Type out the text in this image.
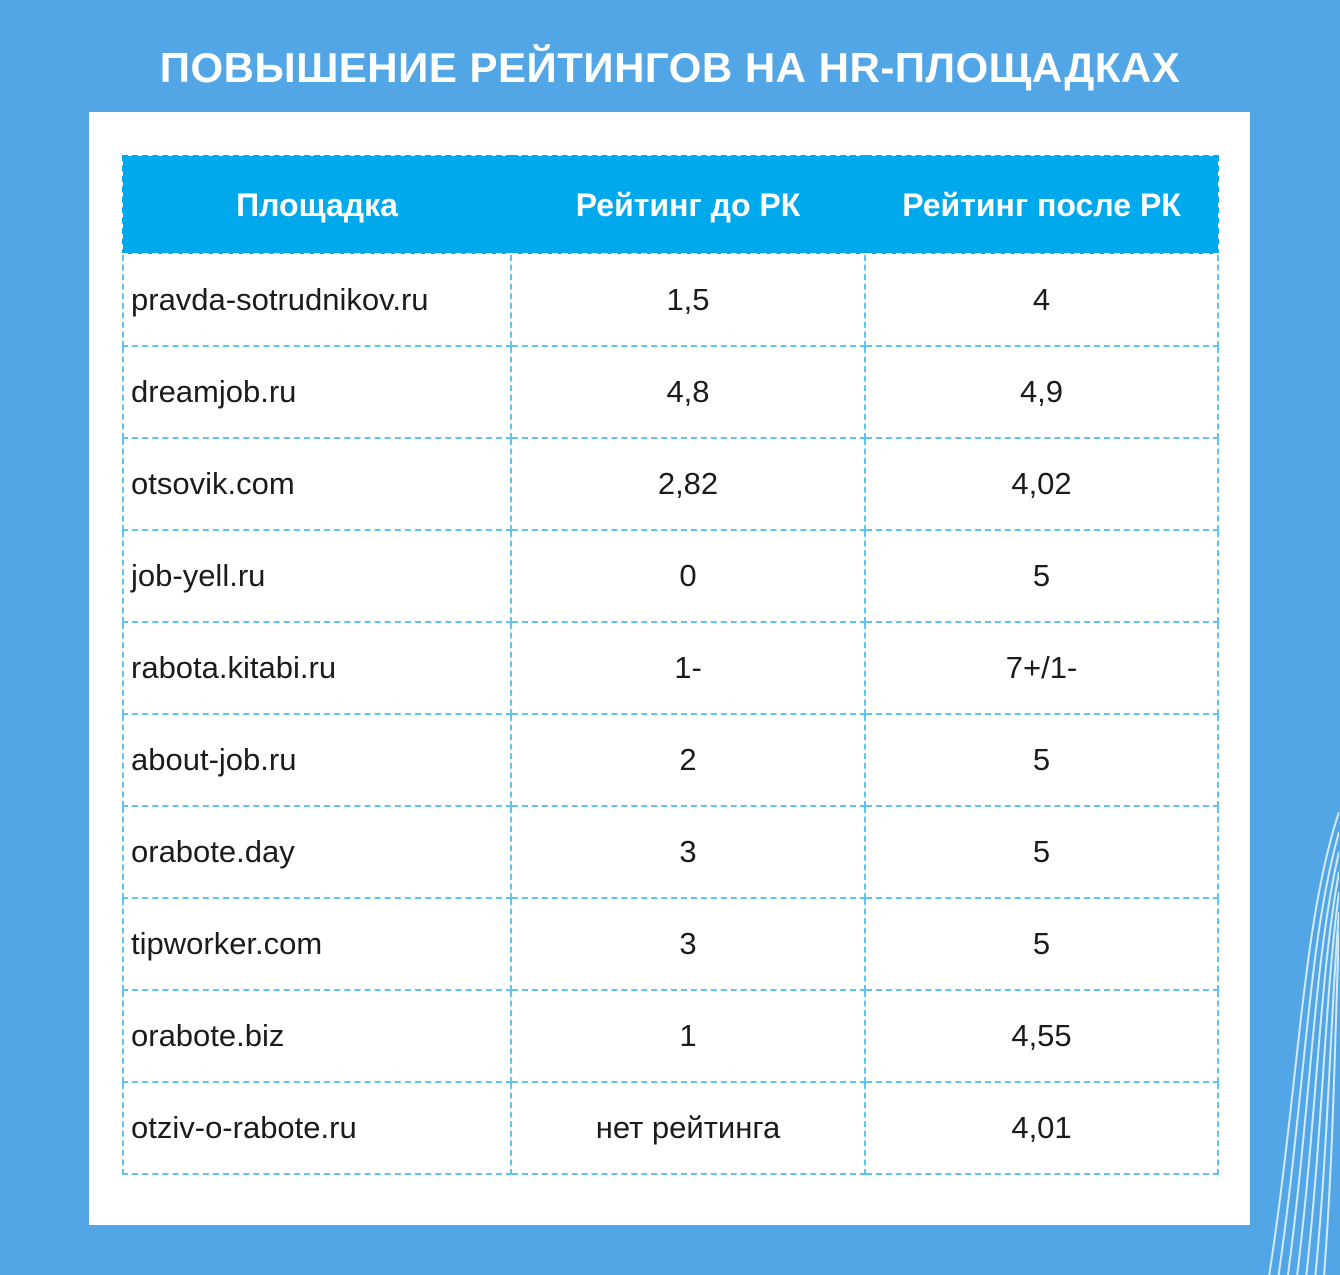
ПОВЫШЕНИЕ РЕЙТИНГОВ НА HR-ПЛОЩАДКАХ
Площадка	Рейтинг до РК	Рейтинг после РК
pravda-sotrudnikov.ru	1,5	4
dreamjob.ru	4,8	4,9
otsovik.com	2,82	4,02
job-yell.ru	0	5
rabota.kitabi.ru	1-	7+/1-
about-job.ru	2	5
orabote.day	3	5
tipworker.com	3	5
orabote.biz	1	4,55
otziv-o-rabote.ru	нет рейтинга	4,01
